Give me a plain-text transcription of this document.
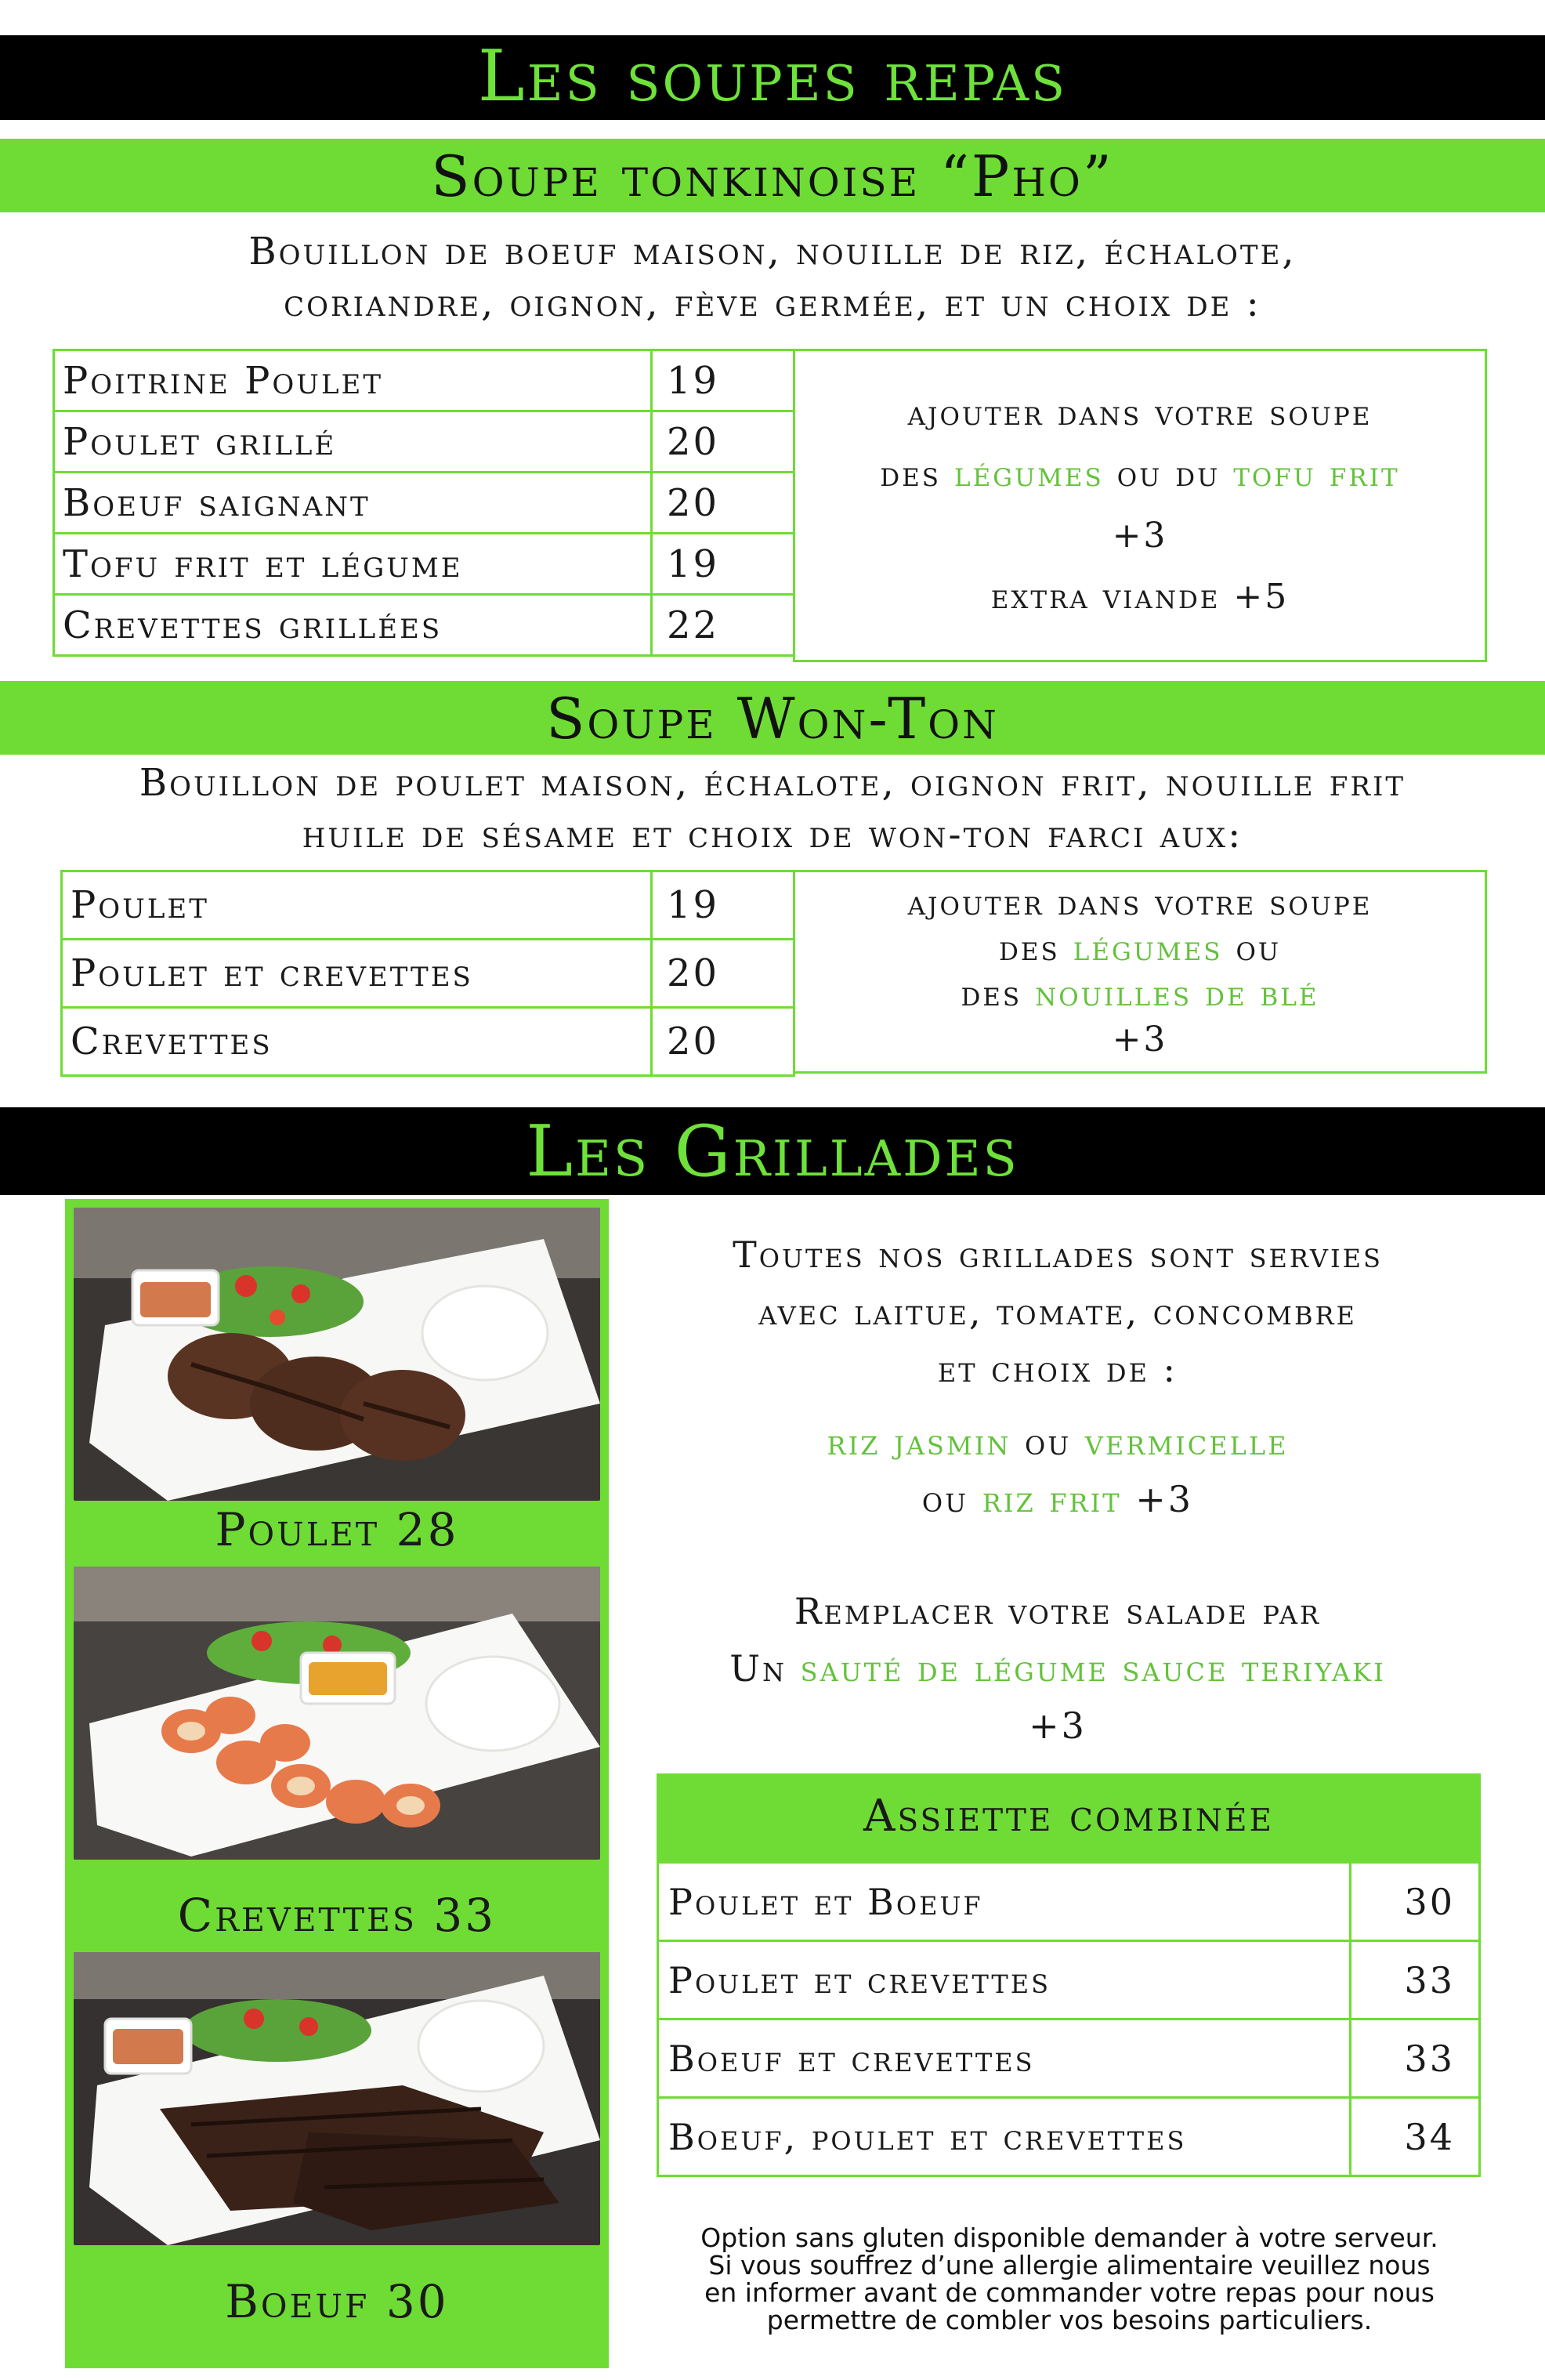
Les soupes repas
Soupe tonkinoise “Pho”
Bouillon de boeuf maison, nouille de riz, échalote,
coriandre, oignon, fève germée, et un choix de :
Poitrine Poulet	19
Poulet grillé	20
Boeuf saignant	20
Tofu frit et légume	19
Crevettes grillées	22
ajouter dans votre soupe
des légumes ou du tofu frit
+3
extra viande +5
Soupe Won-Ton
Bouillon de poulet maison, échalote, oignon frit, nouille frit
huile de sésame et choix de won-ton farci aux:
Poulet	19
Poulet et crevettes	20
Crevettes	20
ajouter dans votre soupe
des légumes ou
des nouilles de blé
+3
Les Grillades
Poulet 28
Crevettes 33
Boeuf 30
Toutes nos grillades sont servies
avec laitue, tomate, concombre
et choix de :
riz jasmin ou vermicelle
ou riz frit +3
Remplacer votre salade par
Un sauté de légume sauce teriyaki
+3
Assiette combinée
Poulet et Boeuf	30
Poulet et crevettes	33
Boeuf et crevettes	33
Boeuf, poulet et crevettes	34
Option sans gluten disponible demander à votre serveur.
Si vous souffrez d’une allergie alimentaire veuillez nous
en informer avant de commander votre repas pour nous
permettre de combler vos besoins particuliers.
